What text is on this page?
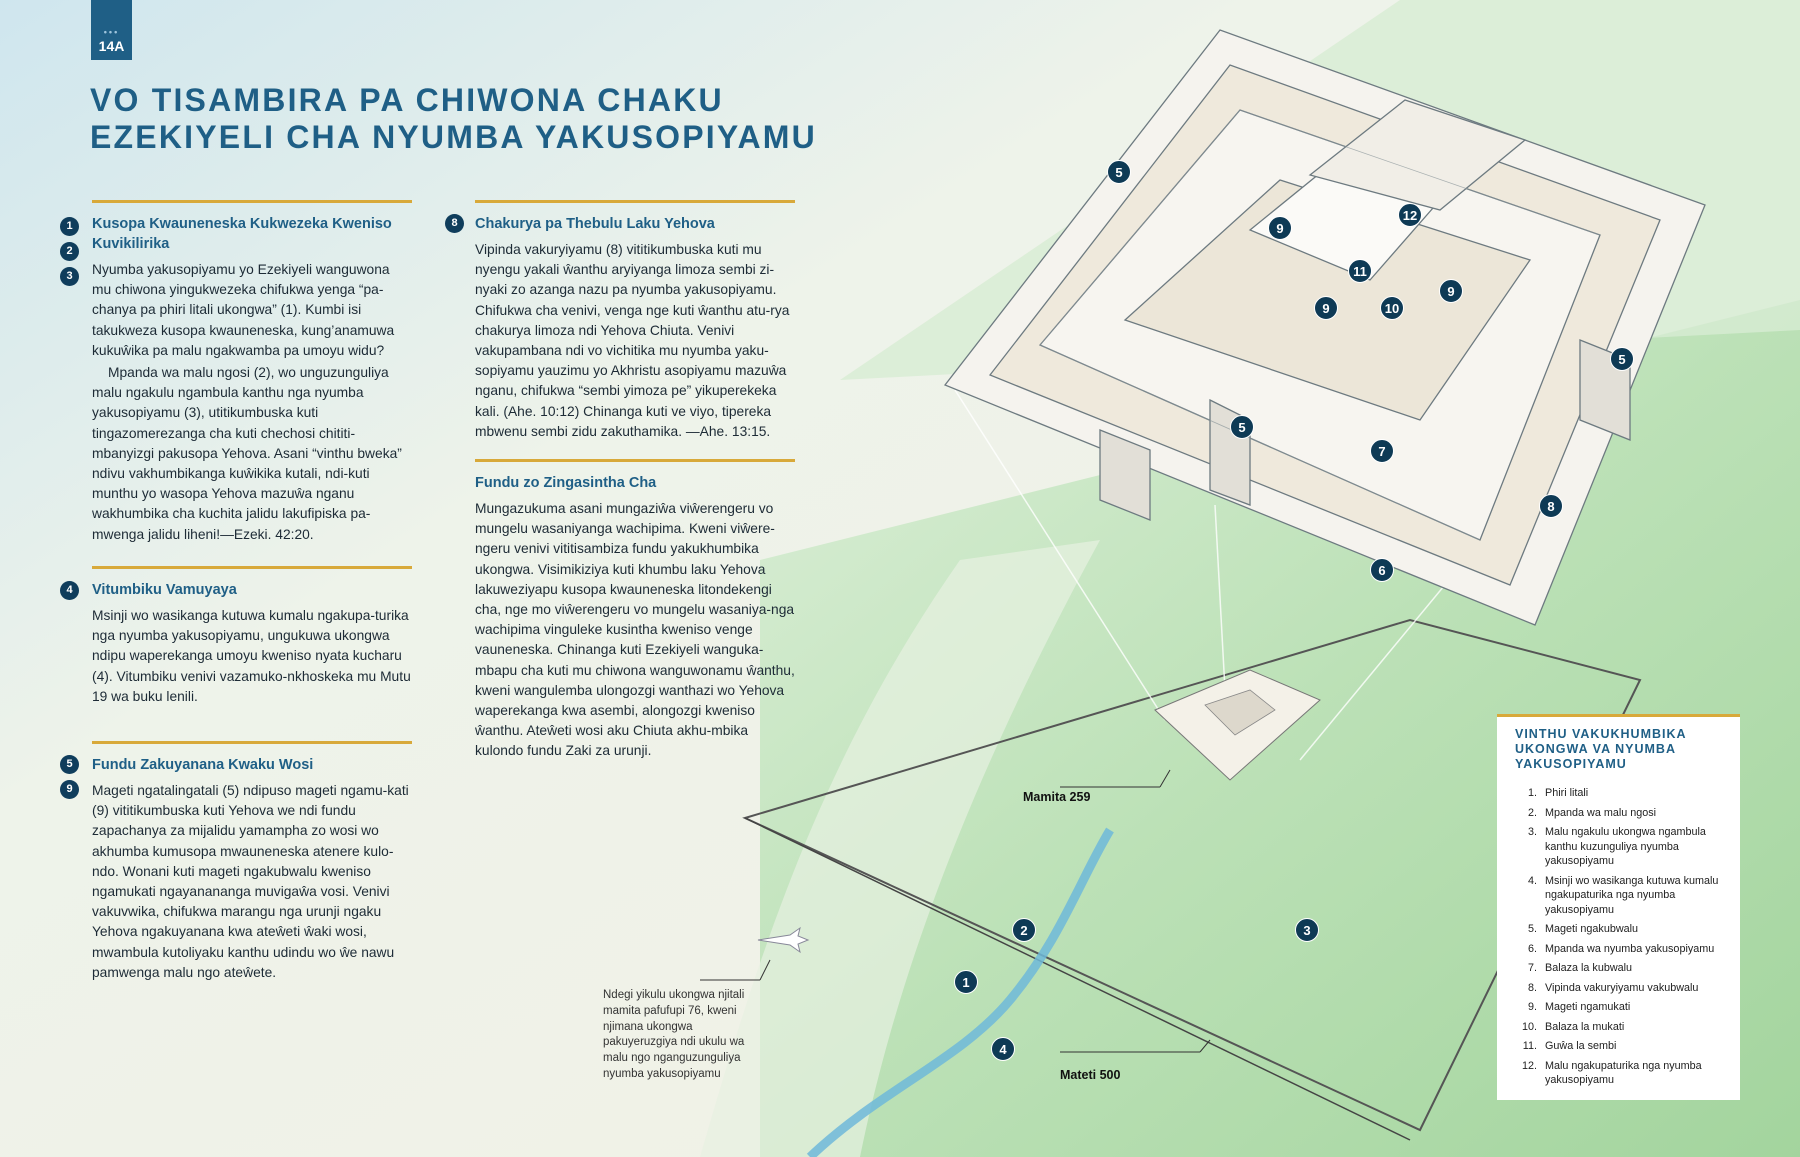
•••
14A
VO TISAMBIRA PA CHIWONA CHAKU
EZEKIYELI CHA NYUMBA YAKUSOPIYAMU
1
2
3
Kusopa Kwauneneska Kukwezeka Kweniso Kuvikilirika

Nyumba yakusopiyamu yo Ezekiyeli wanguwona mu chiwona yingukwezeka chifukwa yenga “pa-chanya pa phiri litali ukongwa” (1). Kumbi isi takukweza kusopa kwauneneska, kung’anamuwa kukuŵika pa malu ngakwamba pa umoyu widu?

Mpanda wa malu ngosi (2), wo unguzunguliya malu ngakulu ngambula kanthu nga nyumba yakusopiyamu (3), utitikumbuska kuti tingazomerezanga cha kuti chechosi chititi-mbanyizgi pakusopa Yehova. Asani “vinthu bweka” ndivu vakhumbikanga kuŵikika kutali, ndi-kuti munthu yo wasopa Yehova mazuŵa nganu wakhumbika cha kuchita jalidu lakufipiska pa-mwenga jalidu liheni!—Ezeki. 42:20.

4	Vitumbiku Vamuyaya

Msinji wo wasikanga kutuwa kumalu ngakupa-turika nga nyumba yakusopiyamu, ungukuwa ukongwa ndipu waperekanga umoyu kweniso nyata kucharu (4). Vitumbiku venivi vazamuko-nkhoskeka mu Mutu 19 wa buku lenili.

5
9
Fundu Zakuyanana Kwaku Wosi

Mageti ngatalingatali (5) ndipuso mageti ngamu-kati (9) vititikumbuska kuti Yehova we ndi fundu zapachanya za mijalidu yamampha zo wosi wo akhumba kumusopa mwauneneska atenere kulo-ndo. Wonani kuti mageti ngakubwalu kweniso ngamukati ngayanananga muvigaŵa vosi. Venivi vakuvwika, chifukwa marangu nga urunji ngaku Yehova ngakuyanana kwa ateŵeti ŵaki wosi, mwambula kutoliyaku kanthu udindu wo ŵe nawu pamwenga malu ngo ateŵete.

8	Chakurya pa Thebulu Laku Yehova

Vipinda vakuryiyamu (8) vititikumbuska kuti mu nyengu yakali ŵanthu aryiyanga limoza sembi zi-nyaki zo azanga nazu pa nyumba yakusopiyamu. Chifukwa cha venivi, venga nge kuti ŵanthu atu-rya chakurya limoza ndi Yehova Chiuta. Venivi vakupambana ndi vo vichitika mu nyumba yaku-sopiyamu yauzimu yo Akhristu asopiyamu mazuŵa nganu, chifukwa “sembi yimoza pe” yikuperekeka kali. (Ahe. 10:12) Chinanga kuti ve viyo, tipereka mbwenu sembi zidu zakuthamika. —Ahe. 13:15.

Fundu zo Zingasintha Cha

Mungazukuma asani mungaziŵa viŵerengeru vo mungelu wasaniyanga wachipima. Kweni viŵere-ngeru venivi vititisambiza fundu yakukhumbika ukongwa. Visimikiziya kuti khumbu laku Yehova lakuweziyapu kusopa kwauneneska litondekengi cha, nge mo viŵerengeru vo mungelu wasaniya-nga wachipima vinguleke kusintha kweniso venge vauneneska. Chinanga kuti Ezekiyeli wanguka-mbapu cha kuti mu chiwona wanguwonamu ŵanthu, kweni wangulemba ulongozgi wanthazi wo Yehova waperekanga kwa asembi, alongozgi kweniso ŵanthu. Ateŵeti wosi aku Chiuta akhu-mbika kulondo fundu Zaki za urunji.

5
9
12
11
9	10
9
5
5
7
8
6
2	3
1
4
Mamita 259
Mateti 500
Ndegi yikulu ukongwa njitali mamita pafufupi 76, kweni njimana ukongwa pakuyeruzgiya ndi ukulu wa malu ngo nganguzunguliya nyumba yakusopiyamu
VINTHU VAKUKHUMBIKA UKONGWA VA NYUMBA YAKUSOPIYAMU
1. Phiri litali
2. Mpanda wa malu ngosi
3. Malu ngakulu ukongwa ngambula kanthu kuzunguliya nyumba yakusopiyamu
4. Msinji wo wasikanga kutuwa kumalu ngakupaturika nga nyumba yakusopiyamu
5. Mageti ngakubwalu
6. Mpanda wa nyumba yakusopiyamu
7. Balaza la kubwalu
8. Vipinda vakuryiyamu vakubwalu
9. Mageti ngamukati
10. Balaza la mukati
11. Guŵa la sembi
12. Malu ngakupaturika nga nyumba yakusopiyamu
